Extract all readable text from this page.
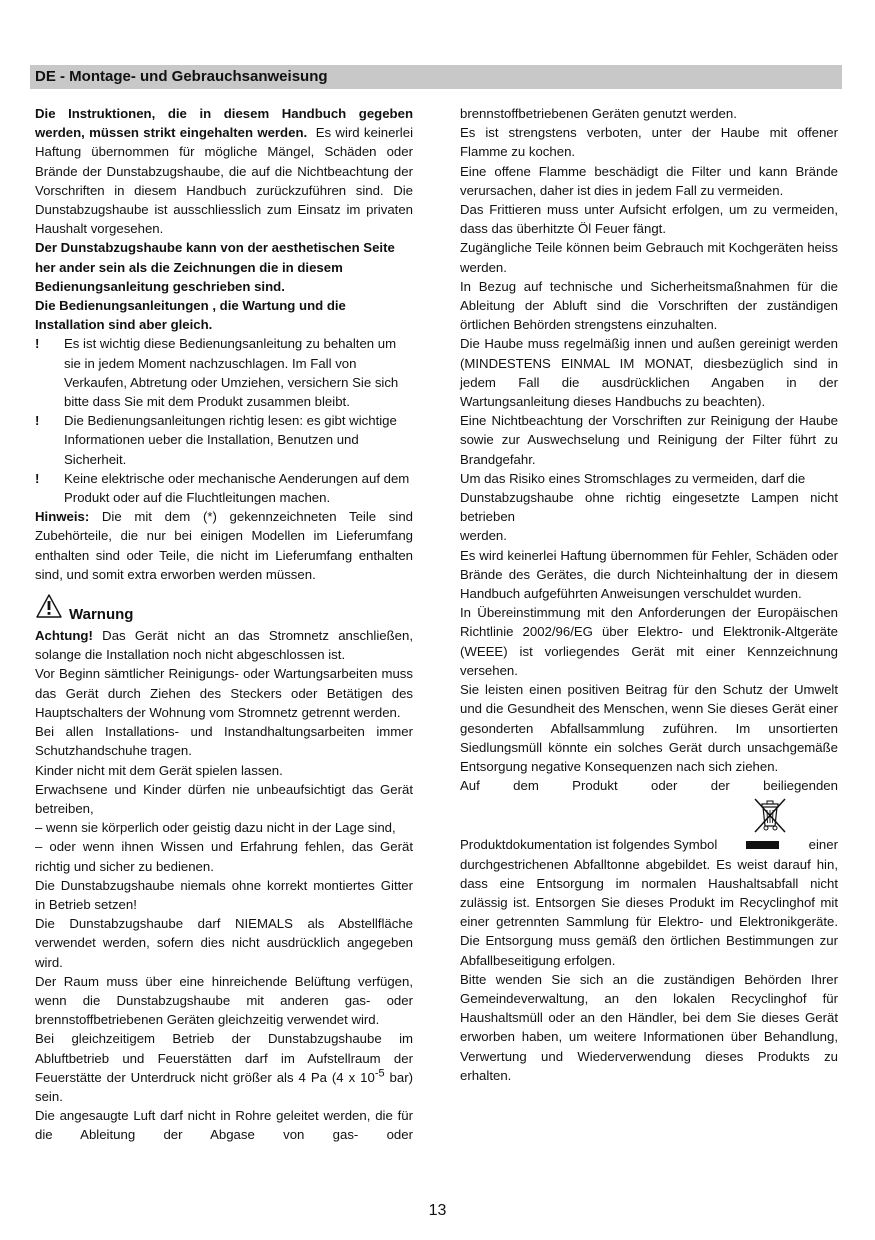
DE - Montage- und Gebrauchsanweisung

Die Instruktionen, die in diesem Handbuch gegeben werden, müssen strikt eingehalten werden. Es wird keinerlei Haftung übernommen für mögliche Mängel, Schäden oder Brände der Dunstabzugshaube, die auf die Nichtbeachtung der Vorschriften in diesem Handbuch zurückzuführen sind. Die Dunstabzugshaube ist ausschliesslich zum Einsatz im privaten Haushalt vorgesehen.

Der Dunstabzugshaube kann von der aesthetischen Seite her ander sein als die Zeichnungen die in diesem Bedienungsanleitung geschrieben sind.

Die Bedienungsanleitungen , die Wartung und die Installation sind aber gleich.

!	Es ist wichtig diese Bedienungsanleitung zu behalten um sie in jedem Moment nachzuschlagen. Im Fall von Verkaufen, Abtretung oder Umziehen, versichern Sie sich bitte dass Sie mit dem Produkt zusammen bleibt.
!	Die Bedienungsanleitungen richtig lesen: es gibt wichtige Informationen ueber die Installation, Benutzen und Sicherheit.
!	Keine elektrische oder mechanische Aenderungen auf dem Produkt oder auf die Fluchtleitungen machen.

Hinweis: Die mit dem (*) gekennzeichneten Teile sind Zubehörteile, die nur bei einigen Modellen im Lieferumfang enthalten sind oder Teile, die nicht im Lieferumfang enthalten sind, und somit extra erworben werden müssen.

Warnung

Achtung! Das Gerät nicht an das Stromnetz anschließen, solange die Installation noch nicht abgeschlossen ist.

Vor Beginn sämtlicher Reinigungs- oder Wartungsarbeiten muss das Gerät durch Ziehen des Steckers oder Betätigen des Hauptschalters der Wohnung vom Stromnetz getrennt werden.

Bei allen Installations- und Instandhaltungsarbeiten immer Schutzhandschuhe tragen.

Kinder nicht mit dem Gerät spielen lassen.

Erwachsene und Kinder dürfen nie unbeaufsichtigt das Gerät betreiben,

– wenn sie körperlich oder geistig dazu nicht in der Lage sind,

– oder wenn ihnen Wissen und Erfahrung fehlen, das Gerät richtig und sicher zu bedienen.

Die Dunstabzugshaube niemals ohne korrekt montiertes Gitter in Betrieb setzen!

Die Dunstabzugshaube darf NIEMALS als Abstellfläche verwendet werden, sofern dies nicht ausdrücklich angegeben wird.

Der Raum muss über eine hinreichende Belüftung verfügen, wenn die Dunstabzugshaube mit anderen gas- oder brennstoffbetriebenen Geräten gleichzeitig verwendet wird.

Bei gleichzeitigem Betrieb der Dunstabzugshaube im Abluftbetrieb und Feuerstätten darf im Aufstellraum der Feuerstätte der Unterdruck nicht größer als 4 Pa (4 x $10^{-5}$ bar) sein.

Die angesaugte Luft darf nicht in Rohre geleitet werden, die für die Ableitung der Abgase von gas- oder

brennstoffbetriebenen Geräten genutzt werden.

Es ist strengstens verboten, unter der Haube mit offener Flamme zu kochen.

Eine offene Flamme beschädigt die Filter und kann Brände verursachen, daher ist dies in jedem Fall zu vermeiden.

Das Frittieren muss unter Aufsicht erfolgen, um zu vermeiden, dass das überhitzte Öl Feuer fängt.

Zugängliche Teile können beim Gebrauch mit Kochgeräten heiss werden.

In Bezug auf technische und Sicherheitsmaßnahmen für die Ableitung der Abluft sind die Vorschriften der zuständigen örtlichen Behörden strengstens einzuhalten.

Die Haube muss regelmäßig innen und außen gereinigt werden (MINDESTENS EINMAL IM MONAT, diesbezüglich sind in jedem Fall die ausdrücklichen Angaben in der Wartungsanleitung dieses Handbuchs zu beachten).

Eine Nichtbeachtung der Vorschriften zur Reinigung der Haube sowie zur Auswechselung und Reinigung der Filter führt zu Brandgefahr.

Um das Risiko eines Stromschlages zu vermeiden, darf die

Dunstabzugshaube ohne richtig eingesetzte Lampen nicht betrieben

werden.

Es wird keinerlei Haftung übernommen für Fehler, Schäden oder Brände des Gerätes, die durch Nichteinhaltung der in diesem Handbuch aufgeführten Anweisungen verschuldet wurden.

In Übereinstimmung mit den Anforderungen der Europäischen Richtlinie 2002/96/EG über Elektro- und Elektronik-Altgeräte (WEEE) ist vorliegendes Gerät mit einer Kennzeichnung versehen.

Sie leisten einen positiven Beitrag für den Schutz der Umwelt und die Gesundheit des Menschen, wenn Sie dieses Gerät einer gesonderten Abfallsammlung zuführen. Im unsortierten Siedlungsmüll könnte ein solches Gerät durch unsachgemäße Entsorgung negative Konsequenzen nach sich ziehen.

Auf	dem	Produkt	oder	der	beiliegenden
Produktdokumentation ist folgendes Symbol	einer

durchgestrichenen Abfalltonne abgebildet. Es weist darauf hin, dass eine Entsorgung im normalen Haushaltsabfall nicht zulässig ist. Entsorgen Sie dieses Produkt im Recyclinghof mit einer getrennten Sammlung für Elektro- und Elektronikgeräte. Die Entsorgung muss gemäß den örtlichen Bestimmungen zur Abfallbeseitigung erfolgen.

Bitte wenden Sie sich an die zuständigen Behörden Ihrer Gemeindeverwaltung, an den lokalen Recyclinghof für Haushaltsmüll oder an den Händler, bei dem Sie dieses Gerät erworben haben, um weitere Informationen über Behandlung, Verwertung und Wiederverwendung dieses Produkts zu erhalten.

13
